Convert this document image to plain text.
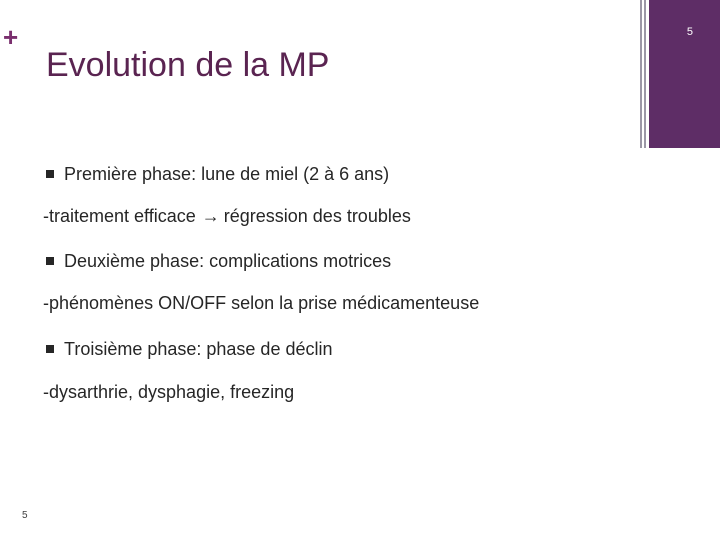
+
Evolution de la MP
5
Première phase: lune de miel (2 à 6 ans)
-traitement efficace → régression des troubles
Deuxième phase: complications motrices
-phénomènes ON/OFF selon la prise médicamenteuse
Troisième phase: phase de déclin
-dysarthrie, dysphagie, freezing
5
